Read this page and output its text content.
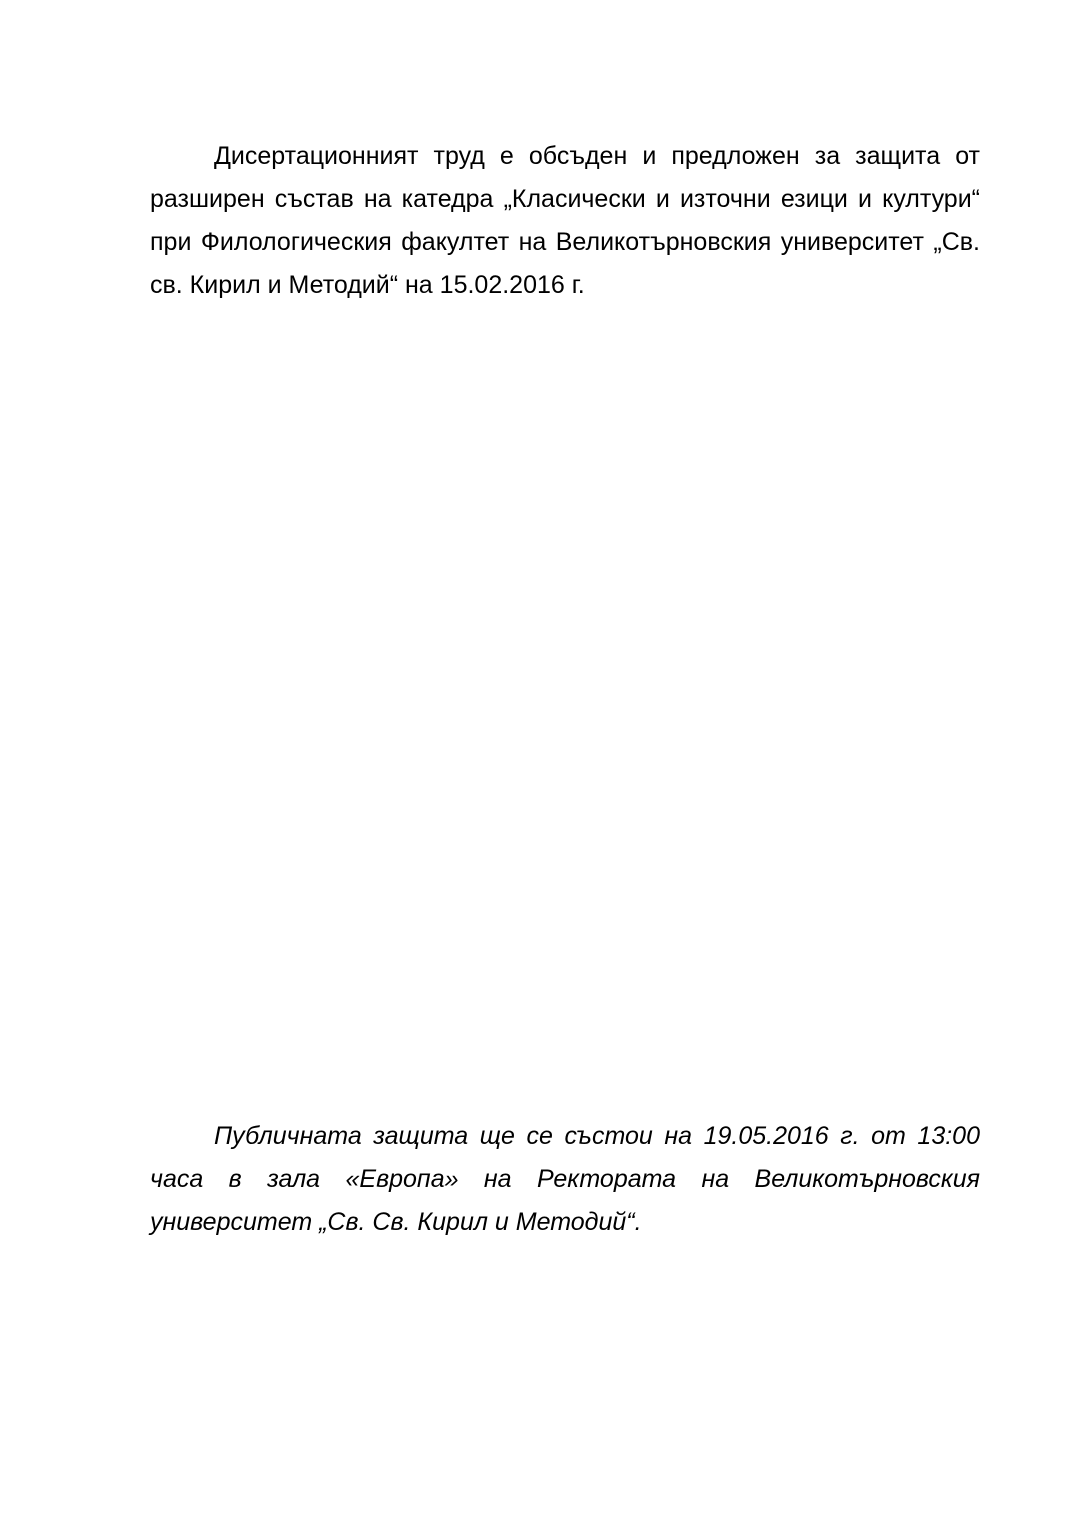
Дисертационният труд е обсъден и предложен за защита от разширен състав на катедра „Класически и източни езици и култури“ при Филологическия факултет на Великотърновския университет „Св. св. Кирил и Методий“ на 15.02.2016 г.

Публичната защита ще се състои на 19.05.2016 г. от 13:00 часа в зала «Европа» на Ректората на Великотърновския университет „Св. Св. Кирил и Методий“.
